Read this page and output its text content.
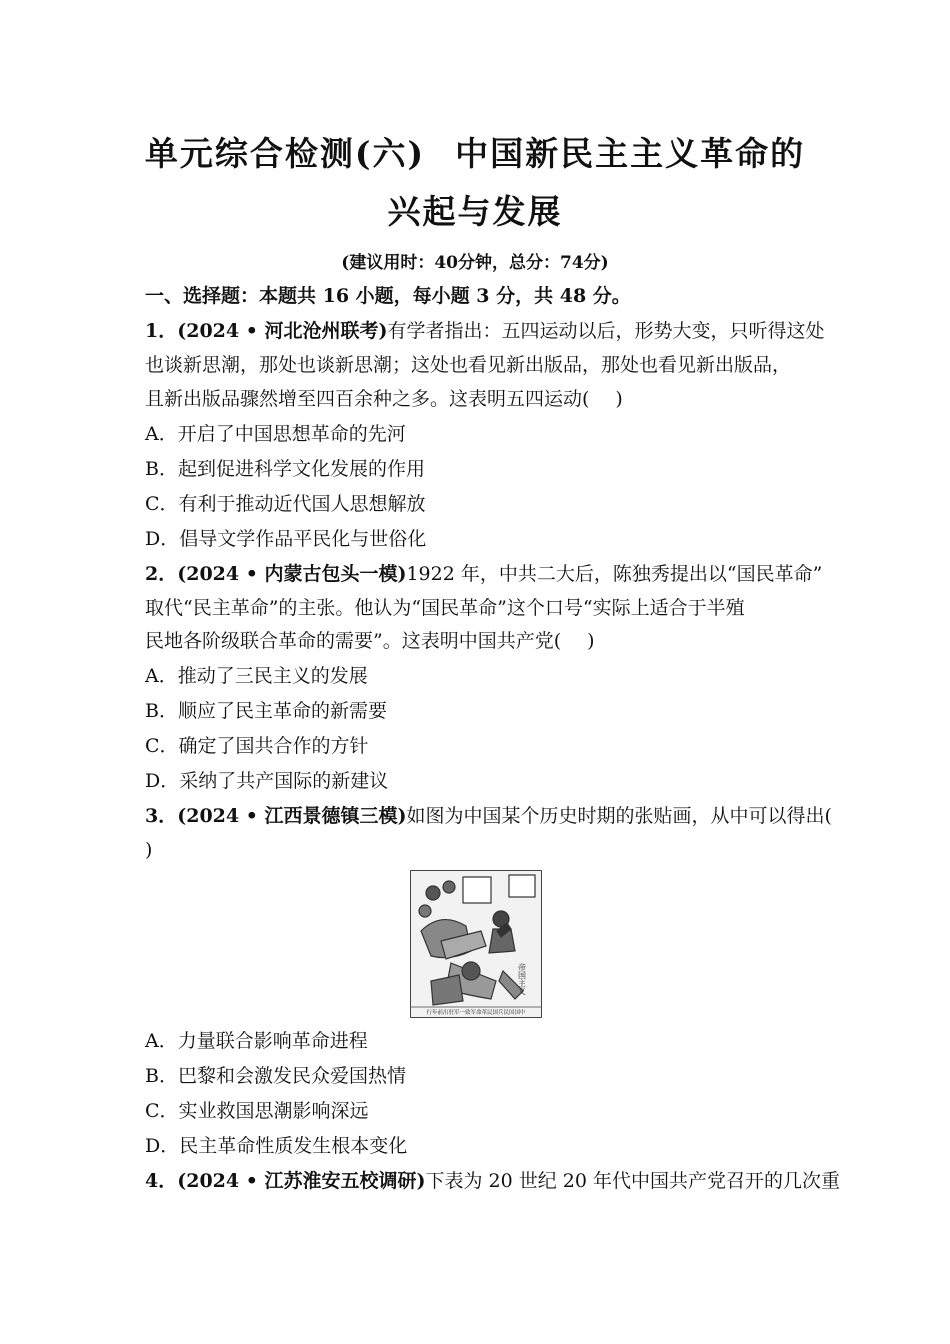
单元综合检测(六) 中国新民主主义革命的
兴起与发展
(建议用时：40分钟，总分：74分)
一、选择题：本题共 16 小题，每小题 3 分，共 48 分。
1．(2024 • 河北沧州联考)有学者指出：五四运动以后，形势大变，只听得这处
也谈新思潮，那处也谈新思潮；这处也看见新出版品，那处也看见新出版品，
且新出版品骤然增至四百余种之多。这表明五四运动( )
A．开启了中国思想革命的先河
B．起到促进科学文化发展的作用
C．有利于推动近代国人思想解放
D．倡导文学作品平民化与世俗化
2．(2024 • 内蒙古包头一模)1922 年，中共二大后，陈独秀提出以“国民革命”
取代“民主革命”的主张。他认为“国民革命”这个口号“实际上适合于半殖
民地各阶级联合革命的需要”。这表明中国共产党( )
A．推动了三民主义的发展
B．顺应了民主革命的新需要
C．确定了国共合作的方针
D．采纳了共产国际的新建议
3．(2024 • 江西景德镇三模)如图为中国某个历史时期的张贴画，从中可以得出(
)
帝国主义
行年前出驻军一致军命革民国兵民国国中
A．力量联合影响革命进程
B．巴黎和会激发民众爱国热情
C．实业救国思潮影响深远
D．民主革命性质发生根本变化
4．(2024 • 江苏淮安五校调研)下表为 20 世纪 20 年代中国共产党召开的几次重
